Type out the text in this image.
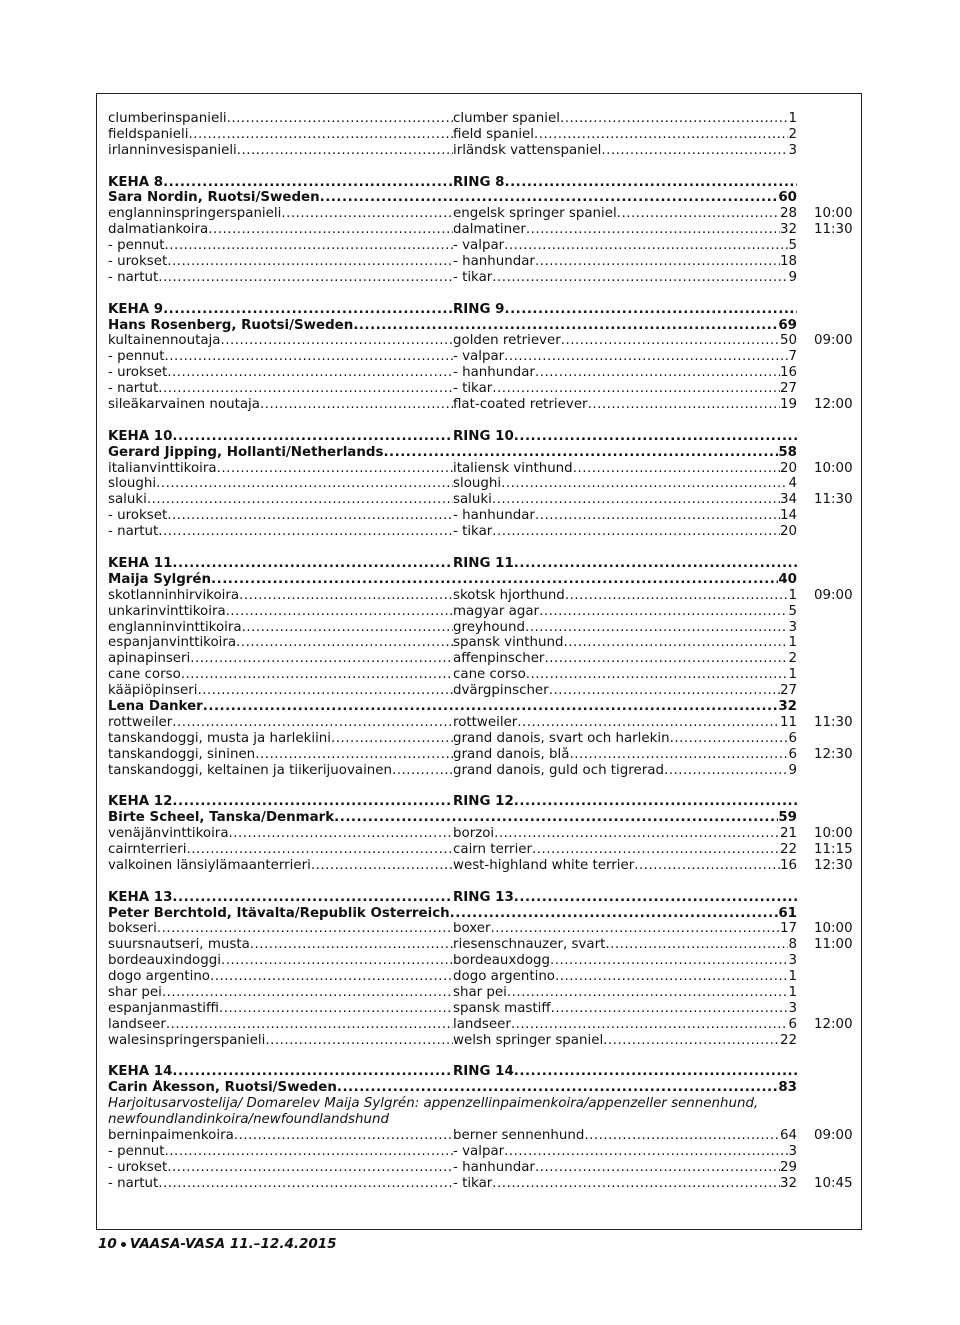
clumberinspanieli .....	clumber spaniel .....	1
fieldspanieli .....	field spaniel .....	2
irlanninvesispanieli .....	irländsk vattenspaniel .....	3
KEHÄ 8 .....	RING 8
.....
Sara Nordin, Ruotsi/Sweden .....	60
englanninspringerspanieli .....	engelsk springer spaniel .....	28 10:00
dalmatiankoira .....	dalmatiner .....	32 11:30
- pennut .....	- valpar .....	5
- urokset .....	- hanhundar .....	18
- nartut .....	- tikar .....	9
KEHÄ 9 .....	RING 9
.....
Hans Rosenberg, Ruotsi/Sweden .....	69
kultainennoutaja .....	golden retriever .....	50 09:00
- pennut .....	- valpar .....	7
- urokset .....	- hanhundar .....	16
- nartut .....	- tikar .....	27
sileäkarvainen noutaja .....	flat-coated retriever .....	19 12:00
KEHÄ 10 .....	RING 10
.....
Gerard Jipping, Hollanti/Netherlands .....	58
italianvinttikoira .....	italiensk vinthund .....	20 10:00
sloughi .....	sloughi .....	4
saluki .....	saluki .....	34 11:30
- urokset .....	- hanhundar .....	14
- nartut .....	- tikar .....	20
KEHÄ 11 .....	RING 11
.....
Maija Sylgrén .....	40
skotlanninhirvikoira .....	skotsk hjorthund .....	1 09:00
unkarinvinttikoira .....	magyar agar .....	5
englanninvinttikoira .....	greyhound .....	3
espanjanvinttikoira .....	spansk vinthund .....	1
apinapinseri .....	affenpinscher .....	2
cane corso .....	cane corso .....	1
kääpiöpinseri .....	dvärgpinscher .....	27
Lena Danker .....	32
rottweiler .....	rottweiler .....	11 11:30
tanskandoggi, musta ja harlekiini .....	grand danois, svart och harlekin .....	6
tanskandoggi, sininen .....	grand danois, blå .....	6 12:30
tanskandoggi, keltainen ja tiikerijuovainen .....	grand danois, guld och tigrerad .....	9
KEHÄ 12 .....	RING 12
.....
Birte Scheel, Tanska/Denmark .....	59
venäjänvinttikoira .....	borzoi .....	21 10:00
cairnterrieri .....	cairn terrier .....	22 11:15
valkoinen länsiylämaanterrieri .....	west-highland white terrier .....	16 12:30
KEHÄ 13 .....	RING 13
.....
Peter Berchtold, Itävalta/Republik Österreich .....	61
bokseri .....	boxer .....	17 10:00
suursnautseri, musta .....	riesenschnauzer, svart .....	8 11:00
bordeauxindoggi .....	bordeauxdogg .....	3
dogo argentino .....	dogo argentino .....	1
shar pei .....	shar pei .....	1
espanjanmastiffi .....	spansk mastiff .....	3
landseer .....	landseer .....	6 12:00
walesinspringerspanieli .....	welsh springer spaniel .....	22
KEHÄ 14 .....	RING 14
.....
Carin Åkesson, Ruotsi/Sweden .....	83
Harjoitusarvostelija/ Domarelev Maija Sylgrén: appenzellinpaimenkoira/appenzeller sennenhund,
newfoundlandinkoira/newfoundlandshund
berninpaimenkoira .....	berner sennenhund .....	64 09:00
- pennut .....	- valpar .....	3
- urokset .....	- hanhundar .....	29
- nartut .....	- tikar .....	32 10:45
10 VAASA-VASA 11.–12.4.2015
